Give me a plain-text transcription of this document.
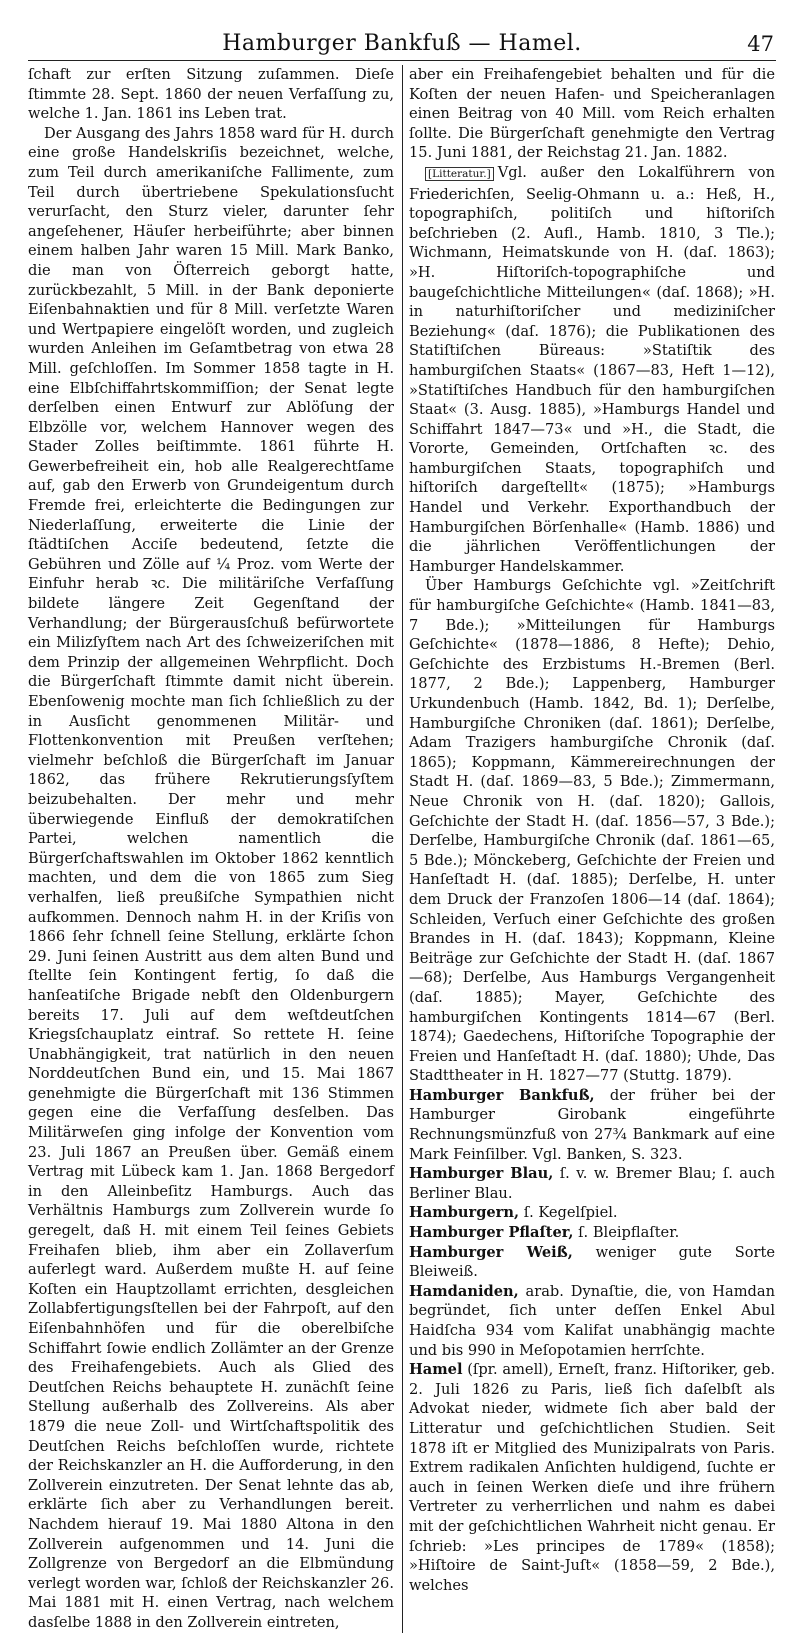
Hamburger Bankfuß — Hamel.	47

ſchaft zur erſten Sitzung zuſammen. Dieſe ſtimmte 28. Sept. 1860 der neuen Verfaſſung zu, welche 1. Jan. 1861 ins Leben trat.

Der Ausgang des Jahrs 1858 ward für H. durch eine große Handelskriſis bezeichnet, welche, zum Teil durch amerikaniſche Fallimente, zum Teil durch übertriebene Spekulationsſucht verurſacht, den Sturz vieler, darunter ſehr angeſehener, Häuſer herbeiführte; aber binnen einem halben Jahr waren 15 Mill. Mark Banko, die man von Öſterreich geborgt hatte, zurückbezahlt, 5 Mill. in der Bank deponierte Eiſenbahnaktien und für 8 Mill. verſetzte Waren und Wertpapiere eingelöſt worden, und zugleich wurden Anleihen im Geſamtbetrag von etwa 28 Mill. geſchloſſen. Im Sommer 1858 tagte in H. eine Elbſchiffahrtskommiſſion; der Senat legte derſelben einen Entwurf zur Ablöſung der Elbzölle vor, welchem Hannover wegen des Stader Zolles beiſtimmte. 1861 führte H. Gewerbefreiheit ein, hob alle Realgerechtſame auf, gab den Erwerb von Grundeigentum durch Fremde frei, erleichterte die Bedingungen zur Niederlaſſung, erweiterte die Linie der ſtädtiſchen Acciſe bedeutend, ſetzte die Gebühren und Zölle auf ¼ Proz. vom Werte der Einfuhr herab ꝛc. Die militäriſche Verfaſſung bildete längere Zeit Gegenſtand der Verhandlung; der Bürgerausſchuß befürwortete ein Milizſyſtem nach Art des ſchweizeriſchen mit dem Prinzip der allgemeinen Wehrpflicht. Doch die Bürgerſchaft ſtimmte damit nicht überein. Ebenſowenig mochte man ſich ſchließlich zu der in Ausſicht genommenen Militär- und Flottenkonvention mit Preußen verſtehen; vielmehr beſchloß die Bürgerſchaft im Januar 1862, das frühere Rekrutierungsſyſtem beizubehalten. Der mehr und mehr überwiegende Einfluß der demokratiſchen Partei, welchen namentlich die Bürgerſchaftswahlen im Oktober 1862 kenntlich machten, und dem die von 1865 zum Sieg verhalfen, ließ preußiſche Sympathien nicht aufkommen. Dennoch nahm H. in der Kriſis von 1866 ſehr ſchnell ſeine Stellung, erklärte ſchon 29. Juni ſeinen Austritt aus dem alten Bund und ſtellte ſein Kontingent fertig, ſo daß die hanſeatiſche Brigade nebſt den Oldenburgern bereits 17. Juli auf dem weſtdeutſchen Kriegsſchauplatz eintraf. So rettete H. ſeine Unabhängigkeit, trat natürlich in den neuen Norddeutſchen Bund ein, und 15. Mai 1867 genehmigte die Bürgerſchaft mit 136 Stimmen gegen eine die Verfaſſung desſelben. Das Militärweſen ging infolge der Konvention vom 23. Juli 1867 an Preußen über. Gemäß einem Vertrag mit Lübeck kam 1. Jan. 1868 Bergedorf in den Alleinbeſitz Hamburgs. Auch das Verhältnis Hamburgs zum Zollverein wurde ſo geregelt, daß H. mit einem Teil ſeines Gebiets Freihafen blieb, ihm aber ein Zollaverſum auferlegt ward. Außerdem mußte H. auf ſeine Koſten ein Hauptzollamt errichten, desgleichen Zollabfertigungsſtellen bei der Fahrpoſt, auf den Eiſenbahnhöfen und für die oberelbiſche Schiffahrt ſowie endlich Zollämter an der Grenze des Freihafengebiets. Auch als Glied des Deutſchen Reichs behauptete H. zunächſt ſeine Stellung außerhalb des Zollvereins. Als aber 1879 die neue Zoll- und Wirtſchaftspolitik des Deutſchen Reichs beſchloſſen wurde, richtete der Reichskanzler an H. die Aufforderung, in den Zollverein einzutreten. Der Senat lehnte das ab, erklärte ſich aber zu Verhandlungen bereit. Nachdem hierauf 19. Mai 1880 Altona in den Zollverein aufgenommen und 14. Juni die Zollgrenze von Bergedorf an die Elbmündung verlegt worden war, ſchloß der Reichskanzler 26. Mai 1881 mit H. einen Vertrag, nach welchem dasſelbe 1888 in den Zollverein eintreten,

aber ein Freihafengebiet behalten und für die Koſten der neuen Hafen- und Speicheranlagen einen Beitrag von 40 Mill. vom Reich erhalten ſollte. Die Bürgerſchaft genehmigte den Vertrag 15. Juni 1881, der Reichstag 21. Jan. 1882.

[Litteratur.] Vgl. außer den Lokalführern von Friederichſen, Seelig-Ohmann u. a.: Heß, H., topographiſch, politiſch und hiſtoriſch beſchrieben (2. Aufl., Hamb. 1810, 3 Tle.); Wichmann, Heimatskunde von H. (daſ. 1863); »H. Hiſtoriſch-topographiſche und baugeſchichtliche Mitteilungen« (daſ. 1868); »H. in naturhiſtoriſcher und mediziniſcher Beziehung« (daſ. 1876); die Publikationen des Statiſtiſchen Büreaus: »Statiſtik des hamburgiſchen Staats« (1867—83, Heft 1—12), »Statiſtiſches Handbuch für den hamburgiſchen Staat« (3. Ausg. 1885), »Hamburgs Handel und Schiffahrt 1847—73« und »H., die Stadt, die Vororte, Gemeinden, Ortſchaften ꝛc. des hamburgiſchen Staats, topographiſch und hiſtoriſch dargeſtellt« (1875); »Hamburgs Handel und Verkehr. Exporthandbuch der Hamburgiſchen Börſenhalle« (Hamb. 1886) und die jährlichen Veröffentlichungen der Hamburger Handelskammer.

Über Hamburgs Geſchichte vgl. »Zeitſchrift für hamburgiſche Geſchichte« (Hamb. 1841—83, 7 Bde.); »Mitteilungen für Hamburgs Geſchichte« (1878—1886, 8 Hefte); Dehio, Geſchichte des Erzbistums H.-Bremen (Berl. 1877, 2 Bde.); Lappenberg, Hamburger Urkundenbuch (Hamb. 1842, Bd. 1); Derſelbe, Hamburgiſche Chroniken (daſ. 1861); Derſelbe, Adam Trazigers hamburgiſche Chronik (daſ. 1865); Koppmann, Kämmereirechnungen der Stadt H. (daſ. 1869—83, 5 Bde.); Zimmermann, Neue Chronik von H. (daſ. 1820); Gallois, Geſchichte der Stadt H. (daſ. 1856—57, 3 Bde.); Derſelbe, Hamburgiſche Chronik (daſ. 1861—65, 5 Bde.); Mönckeberg, Geſchichte der Freien und Hanſeſtadt H. (daſ. 1885); Derſelbe, H. unter dem Druck der Franzoſen 1806—14 (daſ. 1864); Schleiden, Verſuch einer Geſchichte des großen Brandes in H. (daſ. 1843); Koppmann, Kleine Beiträge zur Geſchichte der Stadt H. (daſ. 1867—68); Derſelbe, Aus Hamburgs Vergangenheit (daſ. 1885); Mayer, Geſchichte des hamburgiſchen Kontingents 1814—67 (Berl. 1874); Gaedechens, Hiſtoriſche Topographie der Freien und Hanſeſtadt H. (daſ. 1880); Uhde, Das Stadttheater in H. 1827—77 (Stuttg. 1879).

Hamburger Bankfuß, der früher bei der Hamburger Girobank eingeführte Rechnungsmünzfuß von 27¾ Bankmark auf eine Mark Feinſilber. Vgl. Banken, S. 323.

Hamburger Blau, ſ. v. w. Bremer Blau; ſ. auch Berliner Blau.

Hamburgern, ſ. Kegelſpiel.

Hamburger Pflaſter, ſ. Bleipflaſter.

Hamburger Weiß, weniger gute Sorte Bleiweiß.

Hamdaniden, arab. Dynaſtie, die, von Hamdan begründet, ſich unter deſſen Enkel Abul Haidſcha 934 vom Kalifat unabhängig machte und bis 990 in Meſopotamien herrſchte.

Hamel (ſpr. amell), Erneſt, franz. Hiſtoriker, geb. 2. Juli 1826 zu Paris, ließ ſich daſelbſt als Advokat nieder, widmete ſich aber bald der Litteratur und geſchichtlichen Studien. Seit 1878 iſt er Mitglied des Munizipalrats von Paris. Extrem radikalen Anſichten huldigend, ſuchte er auch in ſeinen Werken dieſe und ihre frühern Vertreter zu verherrlichen und nahm es dabei mit der geſchichtlichen Wahrheit nicht genau. Er ſchrieb: »Les principes de 1789« (1858); »Hiſtoire de Saint-Juſt« (1858—59, 2 Bde.), welches
